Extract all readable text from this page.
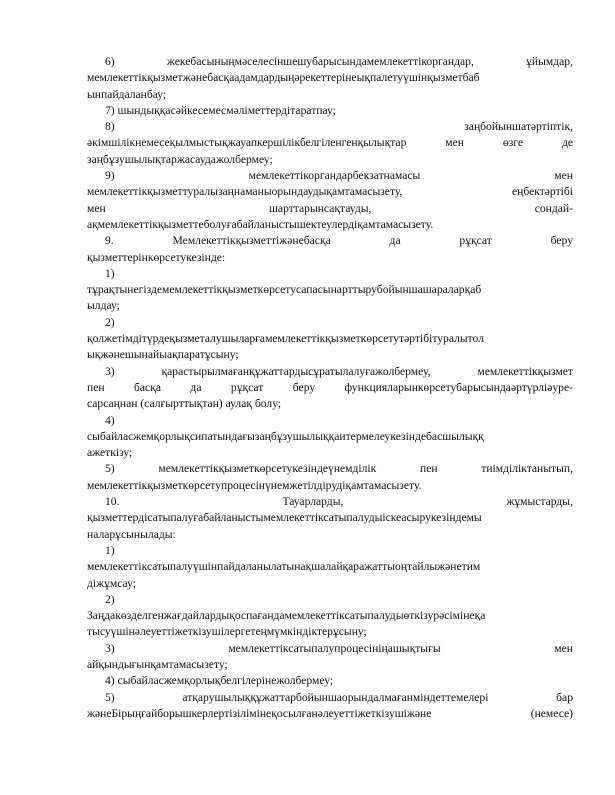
6) жекебасыныңмәселесіншешубарысындамемлекеттікоргандар, ұйымдар,
мемлекеттікқызметжәнебасқаадамдардыңәрекеттерінеықпалетуүшінқызметбаб
ынпайдаланбау;
7) шындыққасәйкесемесмәліметтердітаратпау;
8) заңбойыншатәртіптік,
әкімшілікнемесеқылмыстықжауапкершілікбелгіленгенқылықтар мен өзге де
заңбұзушылықтаржасаудажолбермеу;
9) мемлекеттікоргандарбекзатнамасы мен
мемлекеттікқызметтуралызаңнаманыорындаудықамтамасызету, еңбектәртібі
мен шарттарынсақтауды, сондай-
ақмемлекеттікқызметтеболуғабайланыстышектеулердіқамтамасызету.
9. Мемлекеттікқызметтіжәнебасқа да рұқсат беру
қызметтерінкөрсетукезінде:
1)
тұрақтынегіздемемлекеттікқызметкөрсетусапасынарттырубойыншашараларқаб
ылдау;
2)
қолжетімдітүрдеқызметалушыларғамемлекеттікқызметкөрсетутәртібітуралытол
ықжәнешынайыақпаратұсыну;
3) қарастырылмағанқұжаттардысұратылалуғажолбермеу, мемлекеттікқызмет
пен басқа да рұқсат беру функцияларынкөрсетубарысындаәртүрліәуре-
сарсаңнан (салғырттықтан) аулақ болу;
4)
сыбайласжемқорлықсипатындағызаңбұзушылыққаитермелеукезіндебасшылыққ
ажеткізу;
5) мемлекеттікқызметкөрсетукезіндеүнемділік пен тиімділіктанытып,
мемлекеттікқызметкөрсетупроцесінүнемжетілдірудіқамтамасызету.
10. Тауарларды, жұмыстарды,
қызметтердісатыпалуғабайланыстымемлекеттіксатыпалудыіскеасырукезіндемы
наларұсынылады:
1)
мемлекеттіксатыпалуүшінпайдаланылатынақшалайқаражаттыоңтайлыжәнетим
діжұмсау;
2)
Заңдакөзделгенжағдайлардықоспағандамемлекеттіксатыпалудыөткізурәсімінеқа
тысуүшінәлеуеттіжеткізушілергетеңмүмкіндіктерұсыну;
3) мемлекеттіксатыпалупроцесініңашықтығы мен
айқындығынқамтамасызету;
4) сыбайласжемқорлықбелгілерінежолбермеу;
5) атқарушылыққұжаттарбойыншаорындалмағанміндеттемелері бар
жәнеБірыңғайборышкерлертізілімінеқосылғанәлеуеттіжеткізушіжәне (немесе)
